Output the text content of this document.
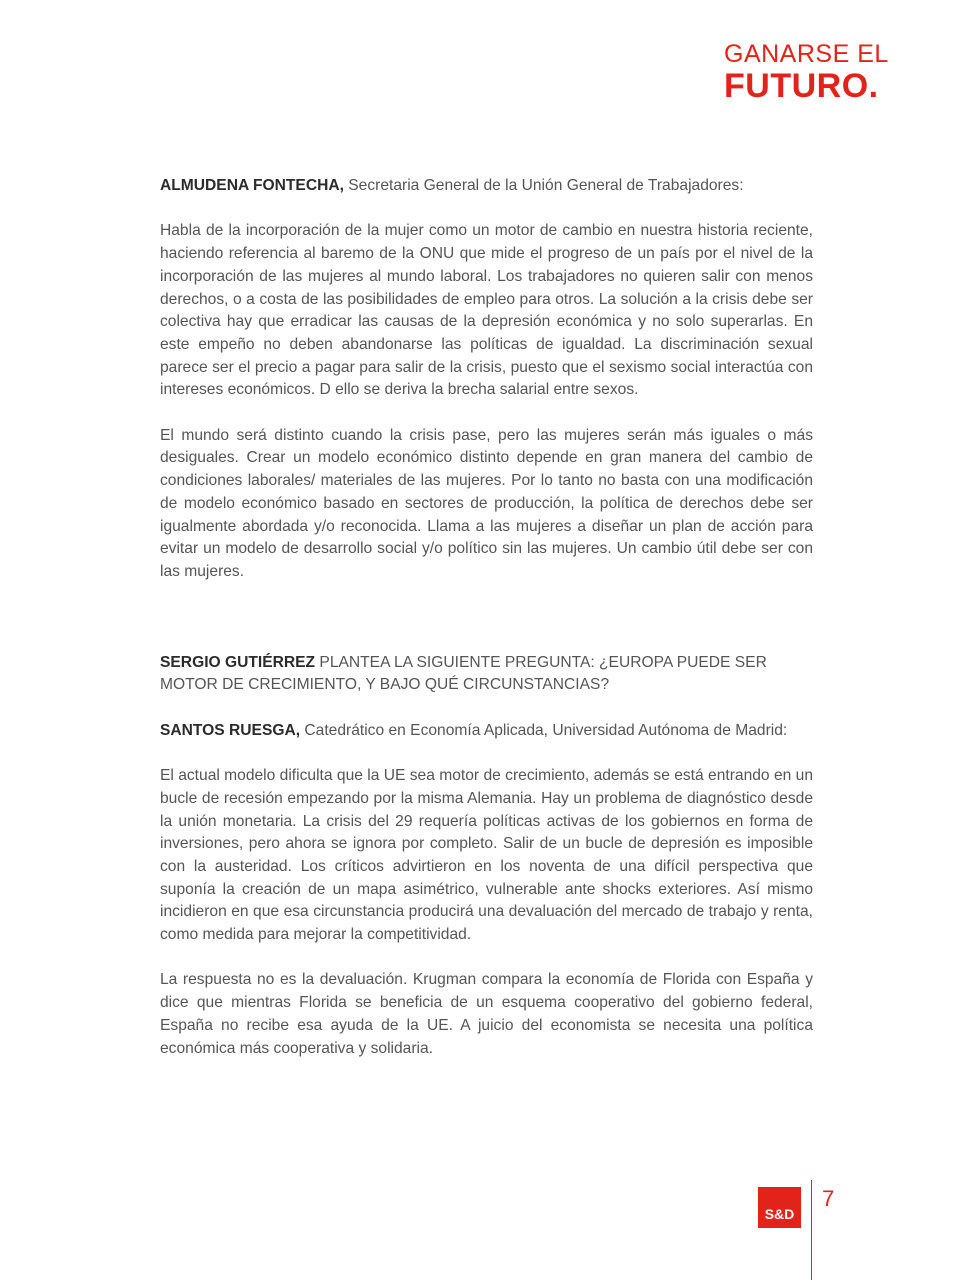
GANARSE EL
FUTURO.

ALMUDENA FONTECHA, Secretaria General de la Unión General de Trabajadores:

Habla de la incorporación de la mujer como un motor de cambio en nuestra historia reciente, haciendo referencia al baremo de la ONU que mide el progreso de un país por el nivel de la incorporación de las mujeres al mundo laboral. Los trabajadores no quieren salir con menos derechos, o a costa de las posibilidades de empleo para otros. La solución a la crisis debe ser colectiva hay que erradicar las causas de la depresión económica y no solo superarlas. En este empeño no deben abandonarse las políticas de igualdad. La discriminación sexual parece ser el precio a pagar para salir de la crisis, puesto que el sexismo social interactúa con intereses económicos. D ello se deriva la brecha salarial entre sexos.

El mundo será distinto cuando la crisis pase, pero las mujeres serán más iguales o más desiguales. Crear un modelo económico distinto depende en gran manera del cambio de condiciones laborales/ materiales de las mujeres. Por lo tanto no basta con una modificación de modelo económico basado en sectores de producción, la política de derechos debe ser igualmente abordada y/o reconocida. Llama a las mujeres a diseñar un plan de acción para evitar un modelo de desarrollo social y/o político sin las mujeres. Un cambio útil debe ser con las mujeres.

SERGIO GUTIÉRREZ PLANTEA LA SIGUIENTE PREGUNTA: ¿EUROPA PUEDE SER MOTOR DE CRECIMIENTO, Y BAJO QUÉ CIRCUNSTANCIAS?

SANTOS RUESGA, Catedrático en Economía Aplicada, Universidad Autónoma de Madrid:

El actual modelo dificulta que la UE sea motor de crecimiento, además se está entrando en un bucle de recesión empezando por la misma Alemania. Hay un problema de diagnóstico desde la unión monetaria. La crisis del 29 requería políticas activas de los gobiernos en forma de inversiones, pero ahora se ignora por completo. Salir de un bucle de depresión es imposible con la austeridad. Los críticos advirtieron en los noventa de una difícil perspectiva que suponía la creación de un mapa asimétrico, vulnerable ante shocks exteriores. Así mismo incidieron en que esa circunstancia producirá una devaluación del mercado de trabajo y renta, como medida para mejorar la competitividad.

La respuesta no es la devaluación. Krugman compara la economía de Florida con España y dice que mientras Florida se beneficia de un esquema cooperativo del gobierno federal, España no recibe esa ayuda de la UE. A juicio del economista se necesita una política económica más cooperativa y solidaria.

S&D
7
